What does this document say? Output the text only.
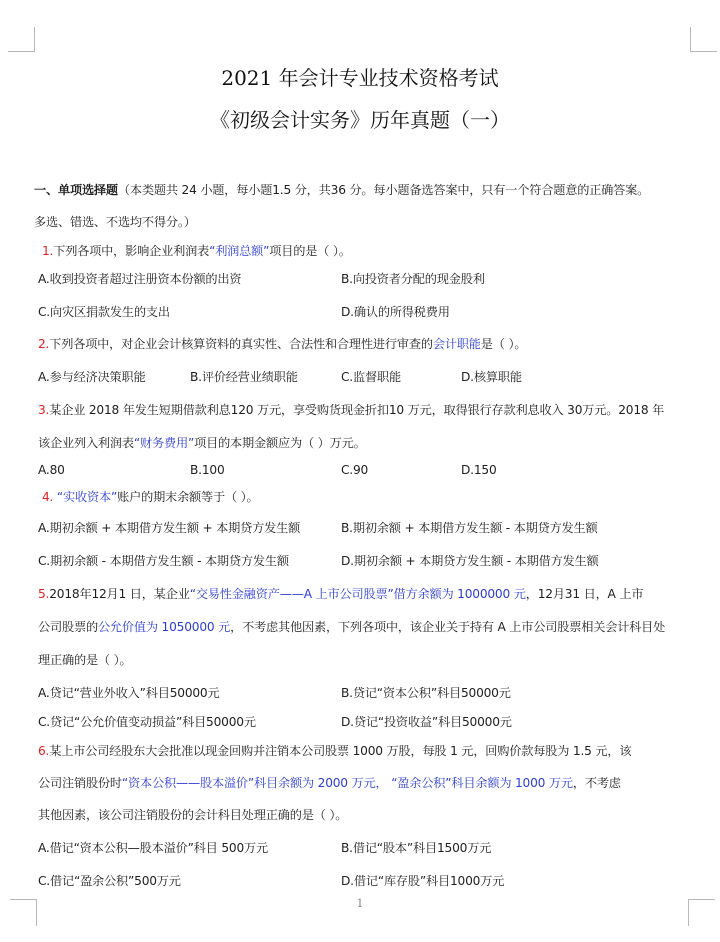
2021 年会计专业技术资格考试
《初级会计实务》历年真题（一）
一、单项选择题（本类题共 24 小题，每小题1.5 分，共36 分。每小题备选答案中，只有一个符合题意的正确答案。
多选、错选、不选均不得分。）
1.下列各项中，影响企业利润表“利润总额”项目的是（ ）。
A.收到投资者超过注册资本份额的出资	B.向投资者分配的现金股利
C.向灾区捐款发生的支出	D.确认的所得税费用
2.下列各项中，对企业会计核算资料的真实性、合法性和合理性进行审查的会计职能是（ ）。
A.参与经济决策职能	B.评价经营业绩职能	C.监督职能	D.核算职能
3.某企业 2018 年发生短期借款利息120 万元，享受购货现金折扣10 万元，取得银行存款利息收入 30万元。2018 年
该企业列入利润表“财务费用”项目的本期金额应为（ ）万元。
A.80	B.100	C.90	D.150
4. “实收资本”账户的期末余额等于（ ）。
A.期初余额 + 本期借方发生额 + 本期贷方发生额	B.期初余额 + 本期借方发生额 - 本期贷方发生额
C.期初余额 - 本期借方发生额 - 本期贷方发生额	D.期初余额 + 本期贷方发生额 - 本期借方发生额
5.2018年12月1 日，某企业“交易性金融资产——A 上市公司股票”借方余额为 1000000 元，12月31 日，A 上市
公司股票的公允价值为 1050000 元，不考虑其他因素，下列各项中，该企业关于持有 A 上市公司股票相关会计科目处
理正确的是（ ）。
A.贷记“营业外收入”科目50000元	B.贷记“资本公积”科目50000元
C.贷记“公允价值变动损益”科目50000元	D.贷记“投资收益”科目50000元
6.某上市公司经股东大会批准以现金回购并注销本公司股票 1000 万股，每股 1 元，回购价款每股为 1.5 元，该
公司注销股份时“资本公积——股本溢价”科目余额为 2000 万元， “盈余公积”科目余额为 1000 万元，不考虑
其他因素，该公司注销股份的会计科目处理正确的是（ ）。
A.借记“资本公积—股本溢价”科目 500万元	B.借记“股本”科目1500万元
C.借记“盈余公积”500万元	D.借记“库存股”科目1000万元
1
